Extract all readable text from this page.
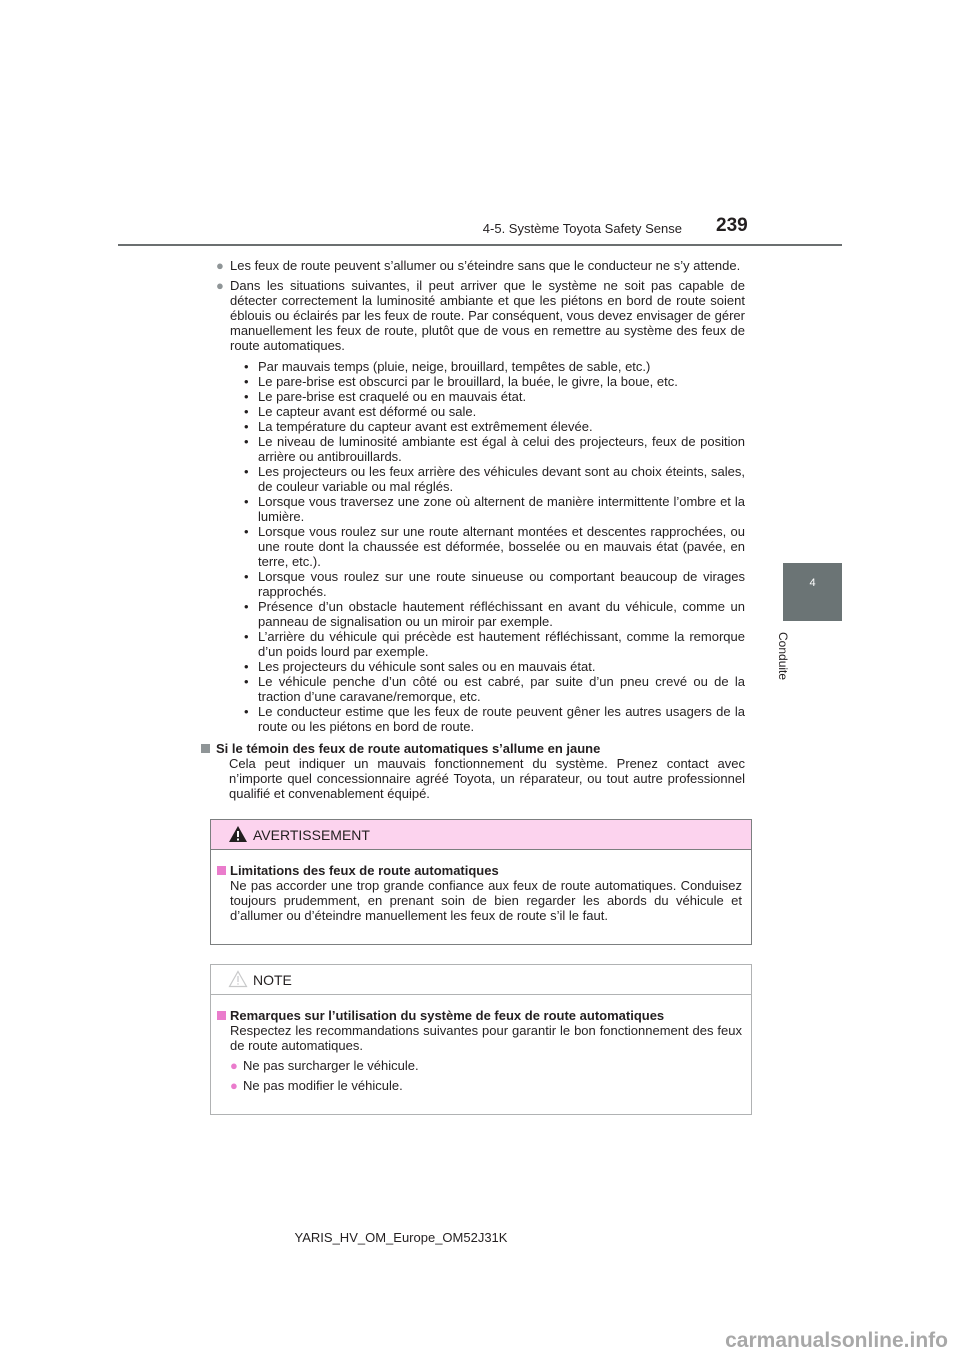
4-5. Système Toyota Safety Sense 239
4
Conduite
● Les feux de route peuvent s’allumer ou s’éteindre sans que le conducteur ne s’y attende.
● Dans les situations suivantes, il peut arriver que le système ne soit pas capable de détecter correctement la luminosité ambiante et que les piétons en bord de route soient éblouis ou éclairés par les feux de route. Par conséquent, vous devez envisager de gérer manuellement les feux de route, plutôt que de vous en remettre au système des feux de route automatiques.
• Par mauvais temps (pluie, neige, brouillard, tempêtes de sable, etc.)
• Le pare-brise est obscurci par le brouillard, la buée, le givre, la boue, etc.
• Le pare-brise est craquelé ou en mauvais état.
• Le capteur avant est déformé ou sale.
• La température du capteur avant est extrêmement élevée.
• Le niveau de luminosité ambiante est égal à celui des projecteurs, feux de position arrière ou antibrouillards.
• Les projecteurs ou les feux arrière des véhicules devant sont au choix éteints, sales, de couleur variable ou mal réglés.
• Lorsque vous traversez une zone où alternent de manière intermittente l’ombre et la lumière.
• Lorsque vous roulez sur une route alternant montées et descentes rapprochées, ou une route dont la chaussée est déformée, bosselée ou en mauvais état (pavée, en terre, etc.).
• Lorsque vous roulez sur une route sinueuse ou comportant beaucoup de virages rapprochés.
• Présence d’un obstacle hautement réfléchissant en avant du véhicule, comme un panneau de signalisation ou un miroir par exemple.
• L’arrière du véhicule qui précède est hautement réfléchissant, comme la remorque d’un poids lourd par exemple.
• Les projecteurs du véhicule sont sales ou en mauvais état.
• Le véhicule penche d’un côté ou est cabré, par suite d’un pneu crevé ou de la traction d’une caravane/remorque, etc.
• Le conducteur estime que les feux de route peuvent gêner les autres usagers de la route ou les piétons en bord de route.
Si le témoin des feux de route automatiques s’allume en jaune
Cela peut indiquer un mauvais fonctionnement du système. Prenez contact avec n’importe quel concessionnaire agréé Toyota, un réparateur, ou tout autre professionnel qualifié et convenablement équipé.
AVERTISSEMENT
Limitations des feux de route automatiques
Ne pas accorder une trop grande confiance aux feux de route automatiques. Conduisez toujours prudemment, en prenant soin de bien regarder les abords du véhicule et d’allumer ou d’éteindre manuellement les feux de route s’il le faut.
NOTE
Remarques sur l’utilisation du système de feux de route automatiques
Respectez les recommandations suivantes pour garantir le bon fonctionnement des feux de route automatiques.
● Ne pas surcharger le véhicule.
● Ne pas modifier le véhicule.
YARIS_HV_OM_Europe_OM52J31K
carmanualsonline.info
